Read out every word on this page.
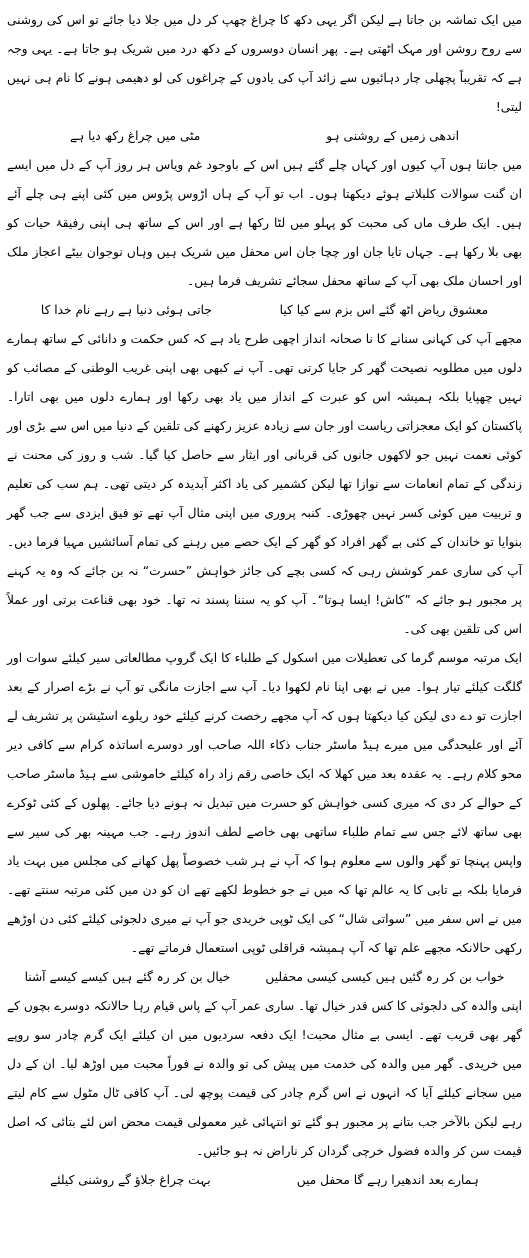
میں ایک تماشہ بن جاتا ہے لیکن اگر یہی دکھ کا چراغ چھپ کر دل میں جلا دیا جائے تو اس کی روشنی سے روح روشن اور مہک اٹھتی ہے۔ پھر انسان دوسروں کے دکھ درد میں شریک ہو جاتا ہے۔ یہی وجہ ہے کہ تقریباً پچھلی چار دہائیوں سے زائد آپ کی یادوں کے چراغوں کی لو دھیمی ہونے کا نام ہی نہیں لیتی!

اندھی زمیں کے روشنی ہو
مٹی میں چراغ رکھ دیا ہے

میں جانتا ہوں آپ کیوں اور کہاں چلے گئے ہیں اس کے باوجود غم ویاس ہر روز آپ کے دل میں ایسے ان گنت سوالات کلبلاتے ہوئے دیکھتا ہوں۔ اب تو آپ کے ہاں اڑوس پڑوس میں کئی اپنے ہی چلے آئے ہیں۔ ایک طرف ماں کی محبت کو پہلو میں لٹا رکھا ہے اور اس کے ساتھ ہی اپنی رفیقۂ حیات کو بھی بلا رکھا ہے۔ جہاں تایا جان اور چچا جان اس محفل میں شریک ہیں وہاں نوجوان بیٹے اعجاز ملک اور احسان ملک بھی آپ کے ساتھ محفل سجائے تشریف فرما ہیں۔

معشوق ریاض اٹھ گئے اس بزم سے کیا کیا
جاتی ہوئی دنیا ہے رہے نام خدا کا

مجھے آپ کی کہانی سنانے کا نا صحانہ انداز اچھی طرح یاد ہے کہ کس حکمت و دانائی کے ساتھ ہمارے دلوں میں مطلوبہ نصیحت گھر کر جایا کرتی تھی۔ آپ نے کبھی بھی اپنی غریب الوطنی کے مصائب کو نہیں چھپایا بلکہ ہمیشہ اس کو عبرت کے انداز میں یاد بھی رکھا اور ہمارے دلوں میں بھی اتارا۔ پاکستان کو ایک معجزاتی ریاست اور جان سے زیادہ عزیز رکھنے کی تلقین کے دنیا میں اس سے بڑی اور کوئی نعمت نہیں جو لاکھوں جانوں کی قربانی اور ایثار سے حاصل کیا گیا۔ شب و روز کی محنت نے زندگی کے تمام انعامات سے نوازا تھا لیکن کشمیر کی یاد اکثر آبدیدہ کر دیتی تھی۔ ہم سب کی تعلیم و تربیت میں کوئی کسر نہیں چھوڑی۔ کنبہ پروری میں اپنی مثال آپ تھے تو فیق ایزدی سے جب گھر بنوایا تو خاندان کے کئی بے گھر افراد کو گھر کے ایک حصے میں رہنے کی تمام آسائشیں مہیا فرما دیں۔ آپ کی ساری عمر کوشش رہی کہ کسی بچے کی جائز خواہش ”حسرت“ نہ بن جائے کہ وہ یہ کہنے پر مجبور ہو جائے کہ ”کاش! ایسا ہوتا“۔ آپ کو یہ سننا پسند نہ تھا۔ خود بھی قناعت برتی اور عملاً اس کی تلقین بھی کی۔

ایک مرتبہ موسم گرما کی تعطیلات میں اسکول کے طلباء کا ایک گروپ مطالعاتی سیر کیلئے سوات اور گلگت کیلئے تیار ہوا۔ میں نے بھی اپنا نام لکھوا دیا۔ آپ سے اجازت مانگی تو آپ نے بڑے اصرار کے بعد اجازت تو دے دی لیکن کیا دیکھتا ہوں کہ آپ مجھے رخصت کرنے کیلئے خود ریلوے اسٹیشن پر تشریف لے آئے اور علیحدگی میں میرے ہیڈ ماسٹر جناب ذکاء اللہ صاحب اور دوسرے اساتذہ کرام سے کافی دیر محو کلام رہے۔ یہ عقدہ بعد میں کھلا کہ ایک خاصی رقم زاد راہ کیلئے خاموشی سے ہیڈ ماسٹر صاحب کے حوالے کر دی کہ میری کسی خواہش کو حسرت میں تبدیل نہ ہونے دیا جائے۔ پھلوں کے کئی ٹوکرے بھی ساتھ لائے جس سے تمام طلباء ساتھی بھی خاصے لطف اندوز رہے۔ جب مہینہ بھر کی سیر سے واپس پہنچا تو گھر والوں سے معلوم ہوا کہ آپ نے ہر شب خصوصاً پھل کھانے کی مجلس میں بہت یاد فرمایا بلکہ بے تابی کا یہ عالم تھا کہ میں نے جو خطوط لکھے تھے ان کو دن میں کئی مرتبہ سنتے تھے۔ میں نے اس سفر میں ”سواتی شال“ کی ایک ٹوپی خریدی جو آپ نے میری دلجوئی کیلئے کئی دن اوڑھے رکھی حالانکہ مجھے علم تھا کہ آپ ہمیشہ قراقلی ٹوپی استعمال فرماتے تھے۔

خواب بن کر رہ گئیں ہیں کیسی کیسی محفلیں
خیال بن کر رہ گئے ہیں کیسے کیسے آشنا

اپنی والدہ کی دلجوئی کا کس قدر خیال تھا۔ ساری عمر آپ کے پاس قیام رہا حالانکہ دوسرے بچوں کے گھر بھی قریب تھے۔ ایسی بے مثال محبت! ایک دفعہ سردیوں میں ان کیلئے ایک گرم چادر سو روپے میں خریدی۔ گھر میں والدہ کی خدمت میں پیش کی تو والدہ نے فوراً محبت میں اوڑھ لیا۔ ان کے دل میں سجانے کیلئے آیا کہ انہوں نے اس گرم چادر کی قیمت پوچھ لی۔ آپ کافی ٹال مٹول سے کام لیتے رہے لیکن بالآخر جب بتانے پر مجبور ہو گئے تو انتہائی غیر معمولی قیمت محض اس لئے بتائی کہ اصل قیمت سن کر والدہ فضول خرچی گردان کر ناراض نہ ہو جائیں۔

ہمارے بعد اندھیرا رہے گا محفل میں
بہت چراغ جلاؤ گے روشنی کیلئے
